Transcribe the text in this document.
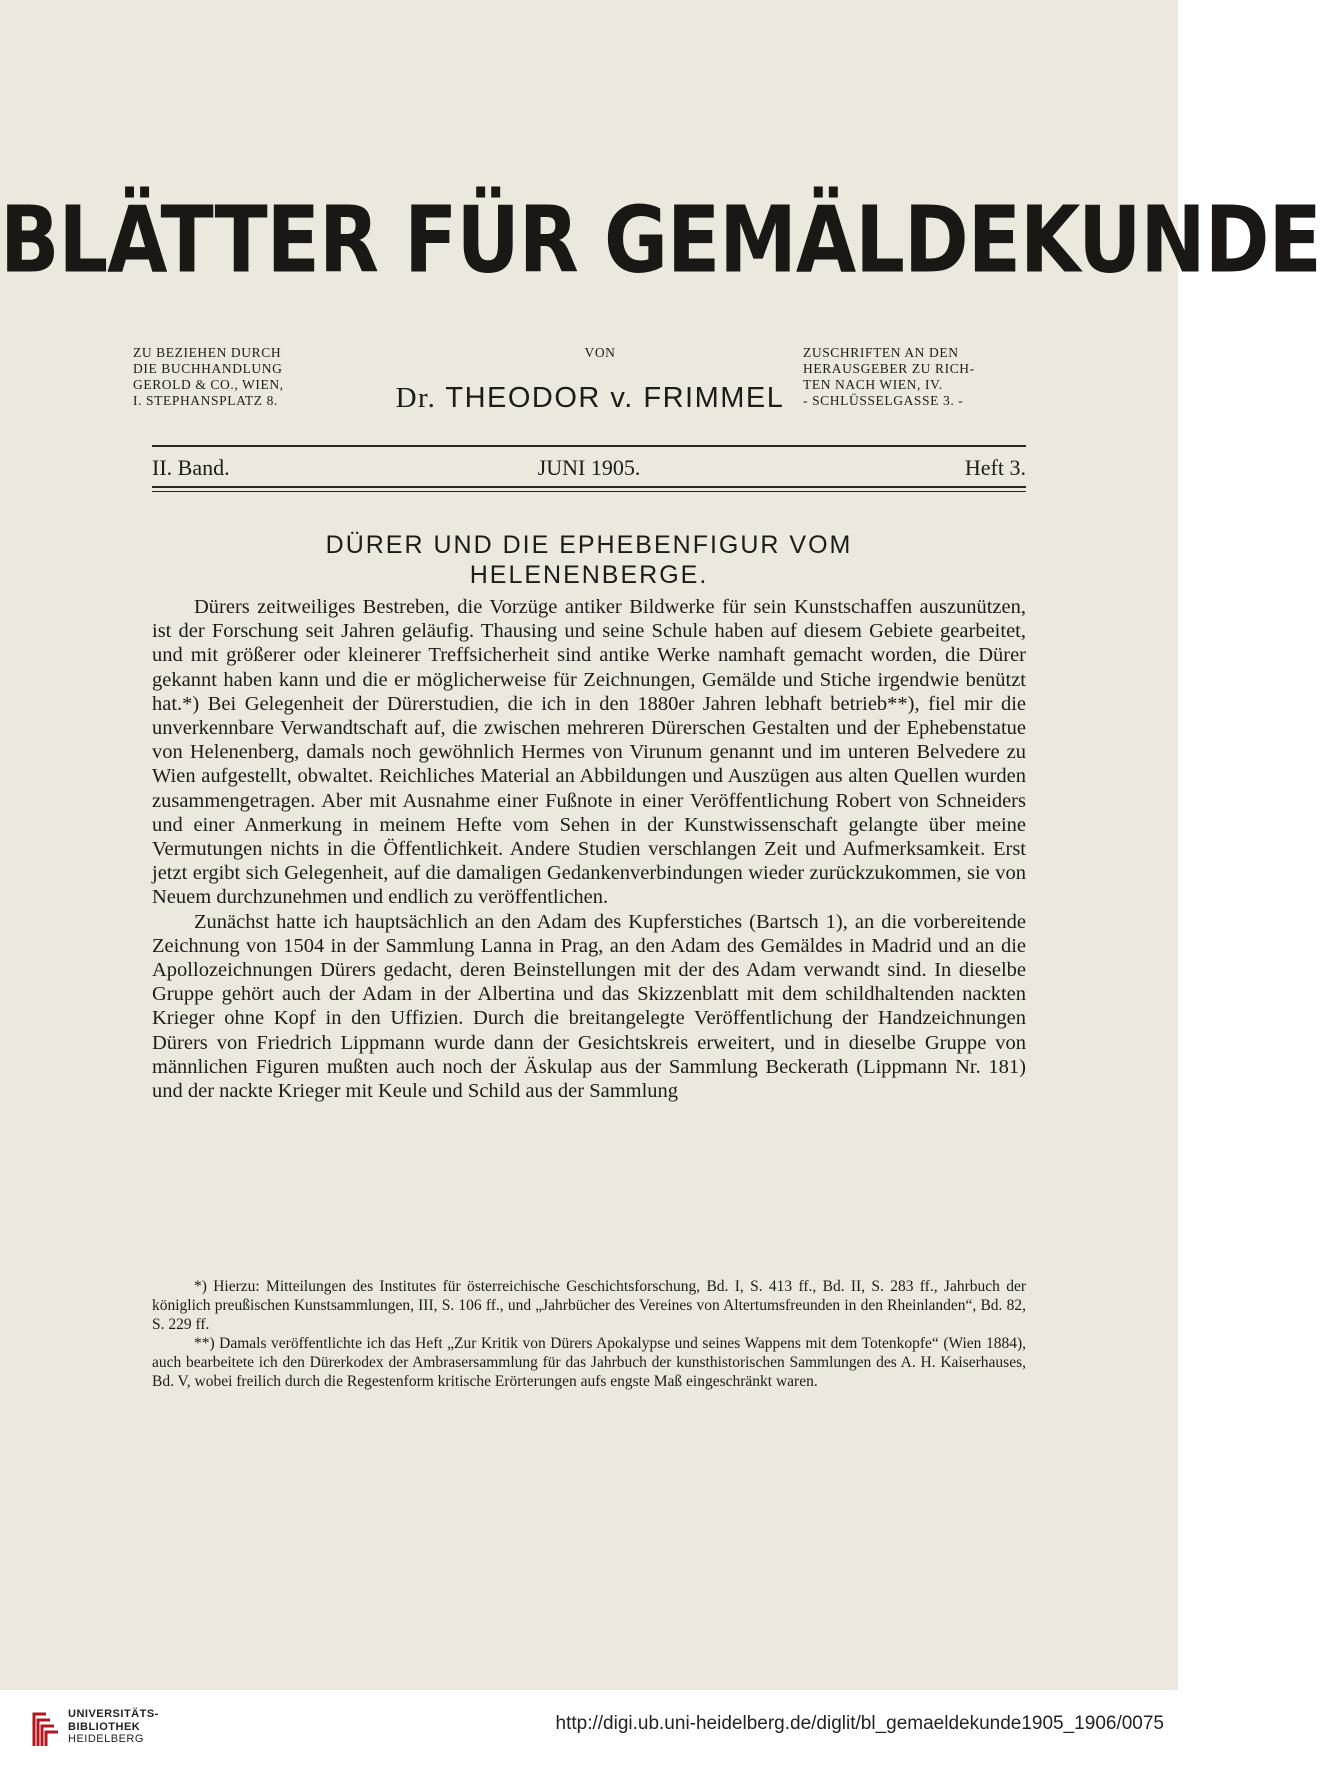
BLÄTTER FÜR GEMÄLDEKUNDE
ZU BEZIEHEN DURCH
DIE BUCHHANDLUNG
GEROLD & CO., WIEN,
I. STEPHANSPLATZ 8.
VON
Dr. THEODOR v. FRIMMEL
ZUSCHRIFTEN AN DEN
HERAUSGEBER ZU RICH-
TEN NACH WIEN, IV.
- SCHLÜSSELGASSE 3. -
JUNI 1905.
II. Band.	Heft 3.
DÜRER UND DIE EPHEBENFIGUR VOM
HELENENBERGE.

Dürers zeitweiliges Bestreben, die Vorzüge antiker Bildwerke für sein Kunstschaffen auszunützen, ist der Forschung seit Jahren geläufig. Thausing und seine Schule haben auf diesem Gebiete gearbeitet, und mit größerer oder kleinerer Treffsicherheit sind antike Werke namhaft gemacht worden, die Dürer gekannt haben kann und die er möglicherweise für Zeichnungen, Gemälde und Stiche irgendwie benützt hat.*) Bei Gelegenheit der Dürerstudien, die ich in den 1880er Jahren lebhaft betrieb**), fiel mir die unverkennbare Verwandtschaft auf, die zwischen mehreren Dürerschen Gestalten und der Ephebenstatue von Helenenberg, damals noch gewöhnlich Hermes von Virunum genannt und im unteren Belvedere zu Wien aufgestellt, obwaltet. Reichliches Material an Abbildungen und Auszügen aus alten Quellen wurden zusammengetragen. Aber mit Ausnahme einer Fußnote in einer Veröffentlichung Robert von Schneiders und einer Anmerkung in meinem Hefte vom Sehen in der Kunstwissenschaft gelangte über meine Vermutungen nichts in die Öffentlichkeit. Andere Studien verschlangen Zeit und Aufmerksamkeit. Erst jetzt ergibt sich Gelegenheit, auf die damaligen Gedankenverbindungen wieder zurückzukommen, sie von Neuem durchzunehmen und endlich zu veröffentlichen.

Zunächst hatte ich hauptsächlich an den Adam des Kupferstiches (Bartsch 1), an die vorbereitende Zeichnung von 1504 in der Sammlung Lanna in Prag, an den Adam des Gemäldes in Madrid und an die Apollozeichnungen Dürers gedacht, deren Beinstellungen mit der des Adam verwandt sind. In dieselbe Gruppe gehört auch der Adam in der Albertina und das Skizzenblatt mit dem schildhaltenden nackten Krieger ohne Kopf in den Uffizien. Durch die breitangelegte Veröffentlichung der Handzeichnungen Dürers von Friedrich Lippmann wurde dann der Gesichtskreis erweitert, und in dieselbe Gruppe von männlichen Figuren mußten auch noch der Äskulap aus der Sammlung Beckerath (Lippmann Nr. 181) und der nackte Krieger mit Keule und Schild aus der Sammlung

*) Hierzu: Mitteilungen des Institutes für österreichische Geschichtsforschung, Bd. I, S. 413 ff., Bd. II, S. 283 ff., Jahrbuch der königlich preußischen Kunstsammlungen, III, S. 106 ff., und „Jahrbücher des Vereines von Altertumsfreunden in den Rheinlanden“, Bd. 82, S. 229 ff.

**) Damals veröffentlichte ich das Heft „Zur Kritik von Dürers Apokalypse und seines Wappens mit dem Totenkopfe“ (Wien 1884), auch bearbeitete ich den Dürerkodex der Ambrasersammlung für das Jahrbuch der kunsthistorischen Sammlungen des A. H. Kaiserhauses, Bd. V, wobei freilich durch die Regestenform kritische Erörterungen aufs engste Maß eingeschränkt waren.

UNIVERSITÄTS-
BIBLIOTHEK
HEIDELBERG
http://digi.ub.uni-heidelberg.de/diglit/bl_gemaeldekunde1905_1906/0075
